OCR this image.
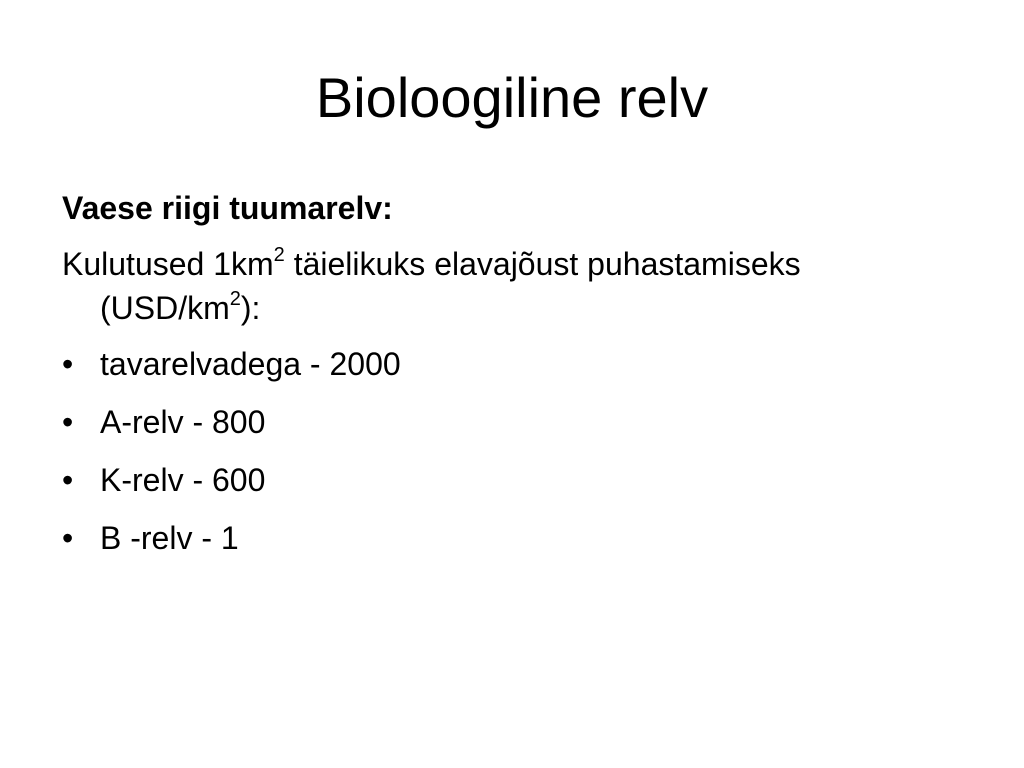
Bioloogiline relv

Vaese riigi tuumarelv:

Kulutused $1km^2$ täielikuks elavajõust puhastamiseks $(USD/km^2)$:

• tavarelvadega - 2000
• A-relv - 800
• K-relv - 600
• B -relv - 1
